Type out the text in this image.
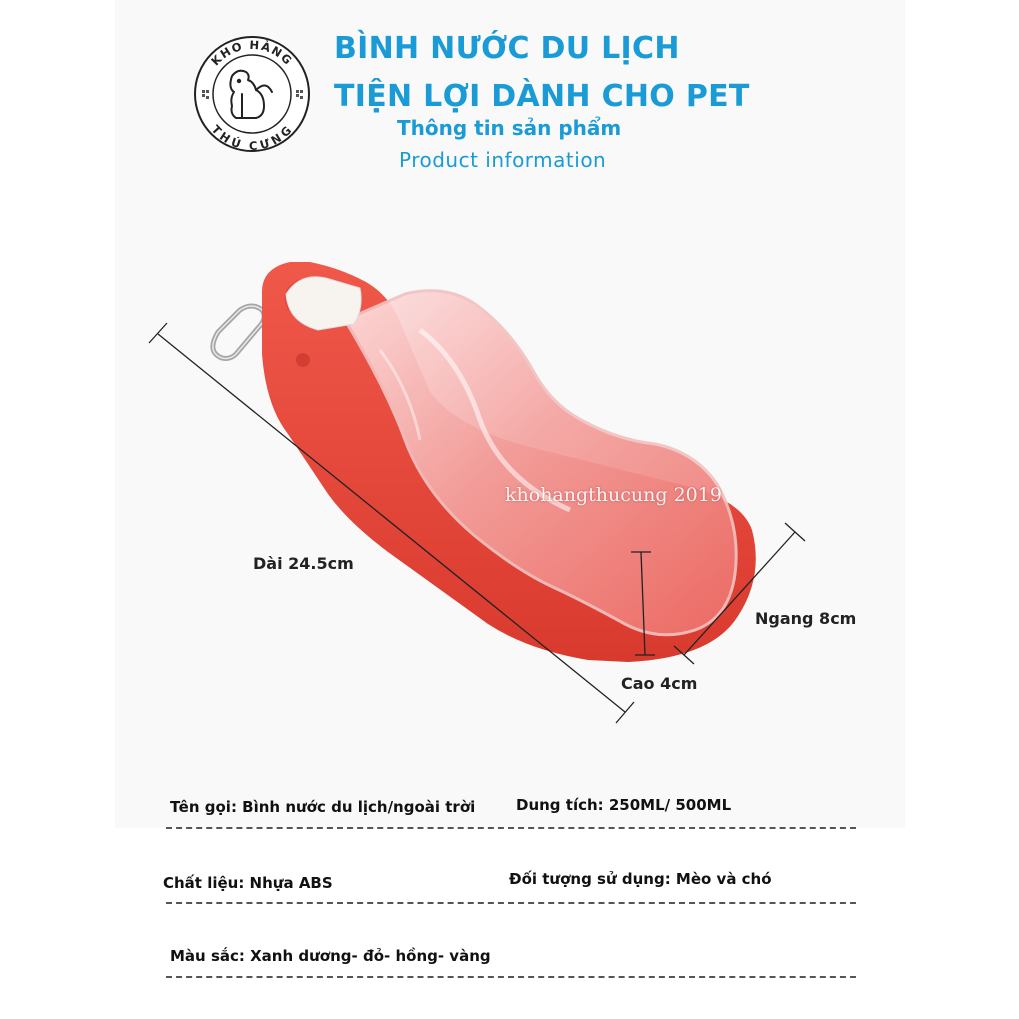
KHO HÀNG
THÚ CƯNG
BÌNH NƯỚC DU LỊCH
TIỆN LỢI DÀNH CHO PET
Thông tin sản phẩm
Product information
khohangthucung 2019
Dài 24.5cm
Ngang 8cm
Cao 4cm
Tên gọi: Bình nước du lịch/ngoài trời	Dung tích: 250ML/ 500ML
Chất liệu: Nhựa ABS	Đối tượng sử dụng: Mèo và chó
Màu sắc: Xanh dương- đỏ- hồng- vàng
